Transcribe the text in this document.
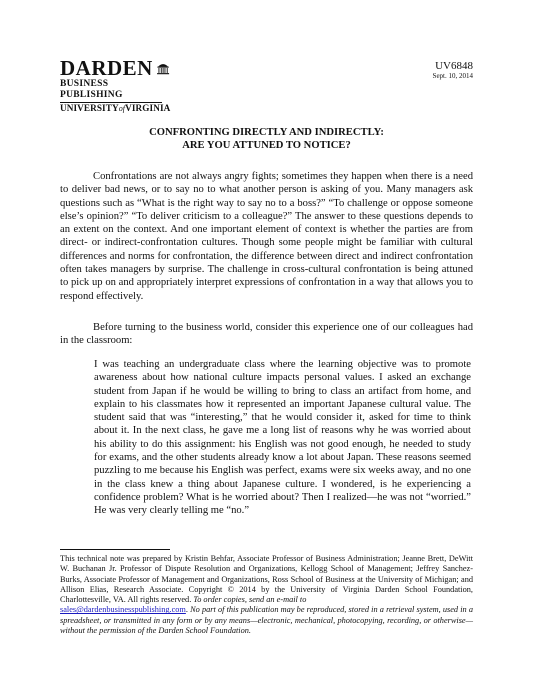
DARDEN
BUSINESS PUBLISHING
UNIVERSITYofVIRGINIA
UV6848
Sept. 10, 2014
CONFRONTING DIRECTLY AND INDIRECTLY:
ARE YOU ATTUNED TO NOTICE?

Confrontations are not always angry fights; sometimes they happen when there is a need to deliver bad news, or to say no to what another person is asking of you. Many managers ask questions such as “What is the right way to say no to a boss?” “To challenge or oppose someone else’s opinion?” “To deliver criticism to a colleague?” The answer to these questions depends to an extent on the context. And one important element of context is whether the parties are from direct- or indirect-confrontation cultures. Though some people might be familiar with cultural differences and norms for confrontation, the difference between direct and indirect confrontation often takes managers by surprise. The challenge in cross-cultural confrontation is being attuned to pick up on and appropriately interpret expressions of confrontation in a way that allows you to respond effectively.

Before turning to the business world, consider this experience one of our colleagues had in the classroom:

I was teaching an undergraduate class where the learning objective was to promote awareness about how national culture impacts personal values. I asked an exchange student from Japan if he would be willing to bring to class an artifact from home, and explain to his classmates how it represented an important Japanese cultural value. The student said that was “interesting,” that he would consider it, asked for time to think about it. In the next class, he gave me a long list of reasons why he was worried about his ability to do this assignment: his English was not good enough, he needed to study for exams, and the other students already know a lot about Japan. These reasons seemed puzzling to me because his English was perfect, exams were six weeks away, and no one in the class knew a thing about Japanese culture. I wondered, is he experiencing a confidence problem? What is he worried about? Then I realized—he was not “worried.” He was very clearly telling me “no.”

This technical note was prepared by Kristin Behfar, Associate Professor of Business Administration; Jeanne Brett, DeWitt W. Buchanan Jr. Professor of Dispute Resolution and Organizations, Kellogg School of Management; Jeffrey Sanchez-Burks, Associate Professor of Management and Organizations, Ross School of Business at the University of Michigan; and Allison Elias, Research Associate. Copyright © 2014 by the University of Virginia Darden School Foundation, Charlottesville, VA. All rights reserved. To order copies, send an e-mail to
sales@dardenbusinesspublishing.com. No part of this publication may be reproduced, stored in a retrieval system, used in a spreadsheet, or transmitted in any form or by any means—electronic, mechanical, photocopying, recording, or otherwise—without the permission of the Darden School Foundation.
